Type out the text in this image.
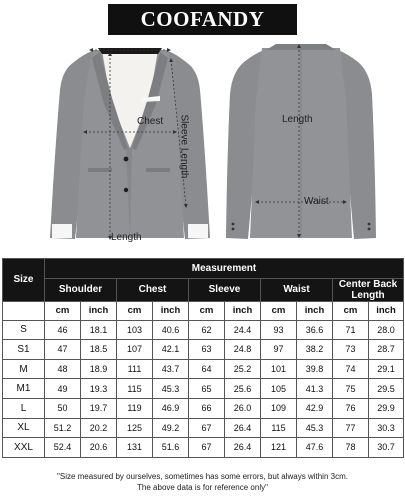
COOFANDY
Chest Sleeve Length
Length
Length
Waist
Size	Measurement									
	Shoulder		Chest		Sleeve		Waist		Center Back Length	
	cm	inch	cm	inch	cm	inch	cm	inch	cm	inch
S	46	18.1	103	40.6	62	24.4	93	36.6	71	28.0
S1	47	18.5	107	42.1	63	24.8	97	38.2	73	28.7
M	48	18.9	111	43.7	64	25.2	101	39.8	74	29.1
M1	49	19.3	115	45.3	65	25.6	105	41.3	75	29.5
L	50	19.7	119	46.9	66	26.0	109	42.9	76	29.9
XL	51.2	20.2	125	49.2	67	26.4	115	45.3	77	30.3
XXL	52.4	20.6	131	51.6	67	26.4	121	47.6	78	30.7
"Size measured by ourselves, sometimes has some errors, but always within 3cm.
The above data is for reference only"
